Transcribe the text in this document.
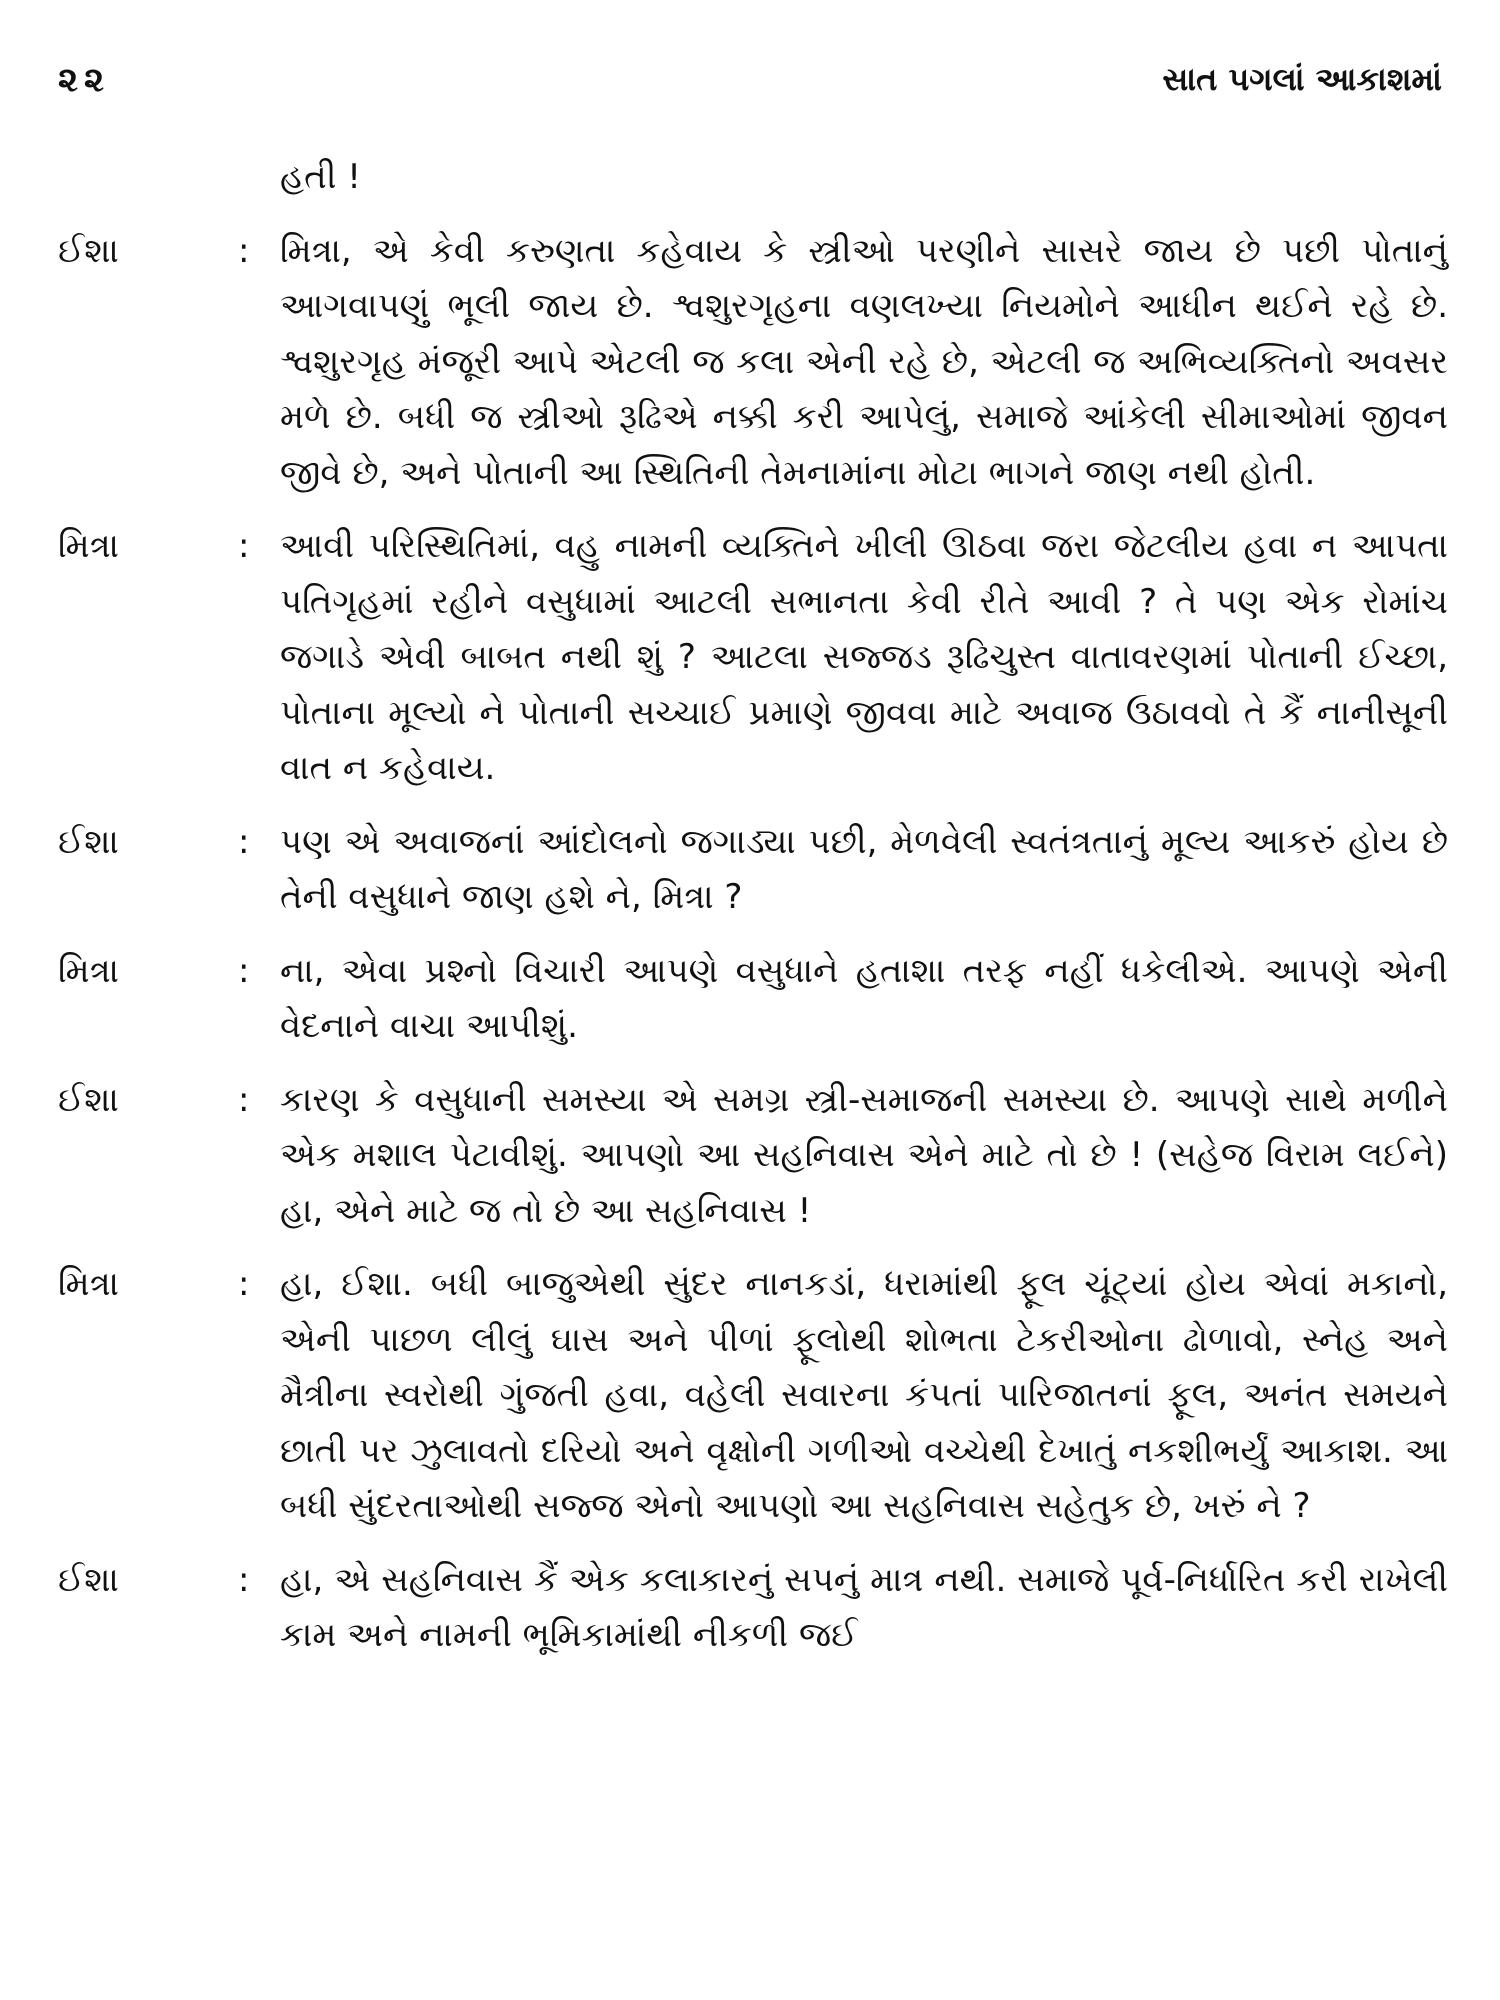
૨૨	સાત પગલાં આકાશમાં
હતી !
ઈશા	: મિત્રા, એ કેવી કરુણતા કહેવાય કે સ્ત્રીઓ પરણીને સાસરે જાય છે પછી પોતાનું આગવાપણું ભૂલી જાય છે. શ્વશુરગૃહના વણલખ્યા નિયમોને આધીન થઈને રહે છે. શ્વશુરગૃહ મંજૂરી આપે એટલી જ કલા એની રહે છે, એટલી જ અભિવ્યક્તિનો અવસર મળે છે. બધી જ સ્ત્રીઓ રૂઢિએ નક્કી કરી આપેલું, સમાજે આંકેલી સીમાઓમાં જીવન જીવે છે, અને પોતાની આ સ્થિતિની તેમનામાંના મોટા ભાગને જાણ નથી હોતી.
મિત્રા	: આવી પરિસ્થિતિમાં, વહુ નામની વ્યક્તિને ખીલી ઊઠવા જરા જેટલીય હવા ન આપતા પતિગૃહમાં રહીને વસુધામાં આટલી સભાનતા કેવી રીતે આવી ? તે પણ એક રોમાંચ જગાડે એવી બાબત નથી શું ? આટલા સજ્જડ રૂઢિચુસ્ત વાતાવરણમાં પોતાની ઈચ્છા, પોતાના મૂલ્યો ને પોતાની સચ્ચાઈ પ્રમાણે જીવવા માટે અવાજ ઉઠાવવો તે કૈં નાનીસૂની વાત ન કહેવાય.
ઈશા	: પણ એ અવાજનાં આંદોલનો જગાડ્યા પછી, મેળવેલી સ્વતંત્રતાનું મૂલ્ય આકરું હોય છે તેની વસુધાને જાણ હશે ને, મિત્રા ?
મિત્રા	: ના, એવા પ્રશ્નો વિચારી આપણે વસુધાને હતાશા તરફ નહીં ધકેલીએ. આપણે એની વેદનાને વાચા આપીશું.
ઈશા	: કારણ કે વસુધાની સમસ્યા એ સમગ્ર સ્ત્રી-સમાજની સમસ્યા છે. આપણે સાથે મળીને એક મશાલ પેટાવીશું. આપણો આ સહનિવાસ એને માટે તો છે ! (સહેજ વિરામ લઈને) હા, એને માટે જ તો છે આ સહનિવાસ !
મિત્રા	: હા, ઈશા. બધી બાજુએથી સુંદર નાનકડાં, ધરામાંથી ફૂલ ચૂંટ્યાં હોય એવાં મકાનો, એની પાછળ લીલું ઘાસ અને પીળાં ફૂલોથી શોભતા ટેકરીઓના ઢોળાવો, સ્નેહ અને મૈત્રીના સ્વરોથી ગુંજતી હવા, વહેલી સવારના કંપતાં પારિજાતનાં ફૂલ, અનંત સમયને છાતી પર ઝુલાવતો દરિયો અને વૃક્ષોની ગળીઓ વચ્ચેથી દેખાતું નકશીભર્યું આકાશ. આ બધી સુંદરતાઓથી સજ્જ એનો આપણો આ સહનિવાસ સહેતુક છે, ખરું ને ?
ઈશા	: હા, એ સહનિવાસ કૈં એક કલાકારનું સપનું માત્ર નથી. સમાજે પૂર્વ-નિર્ધારિત કરી રાખેલી કામ અને નામની ભૂમિકામાંથી નીકળી જઈ
